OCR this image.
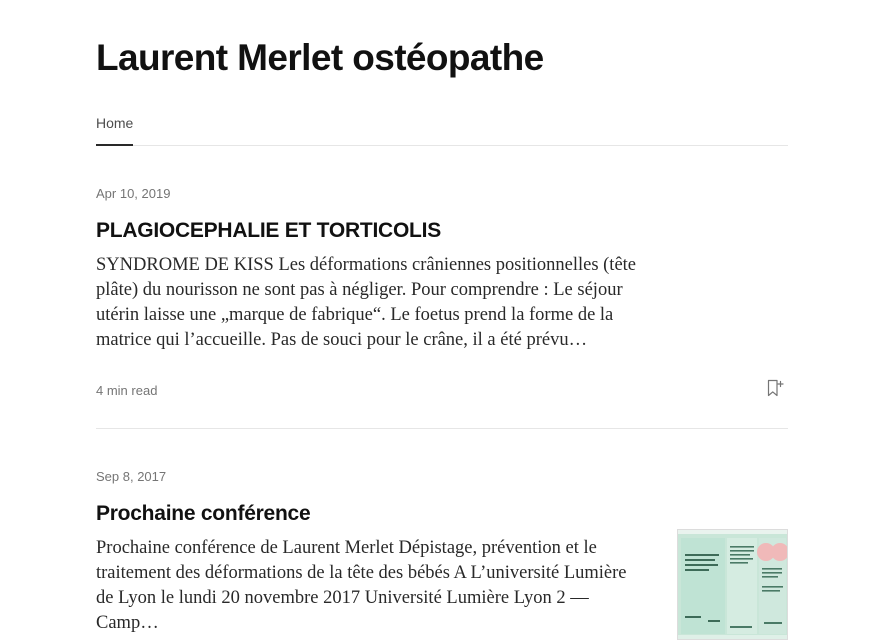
Laurent Merlet ostéopathe
Home
Apr 10, 2019
PLAGIOCEPHALIE ET TORTICOLIS

SYNDROME DE KISS Les déformations crâniennes positionnelles (tête plâte) du nourisson ne sont pas à négliger. Pour comprendre : Le séjour utérin laisse une „marque de fabrique“. Le foetus prend la forme de la matrice qui l’accueille. Pas de souci pour le crâne, il a été prévu…

4 min read
Sep 8, 2017
Prochaine conférence

Prochaine conférence de Laurent Merlet Dépistage, prévention et le traitement des déformations de la tête des bébés A L’université Lumière de Lyon le lundi 20 novembre 2017 Université Lumière Lyon 2 — Camp…
